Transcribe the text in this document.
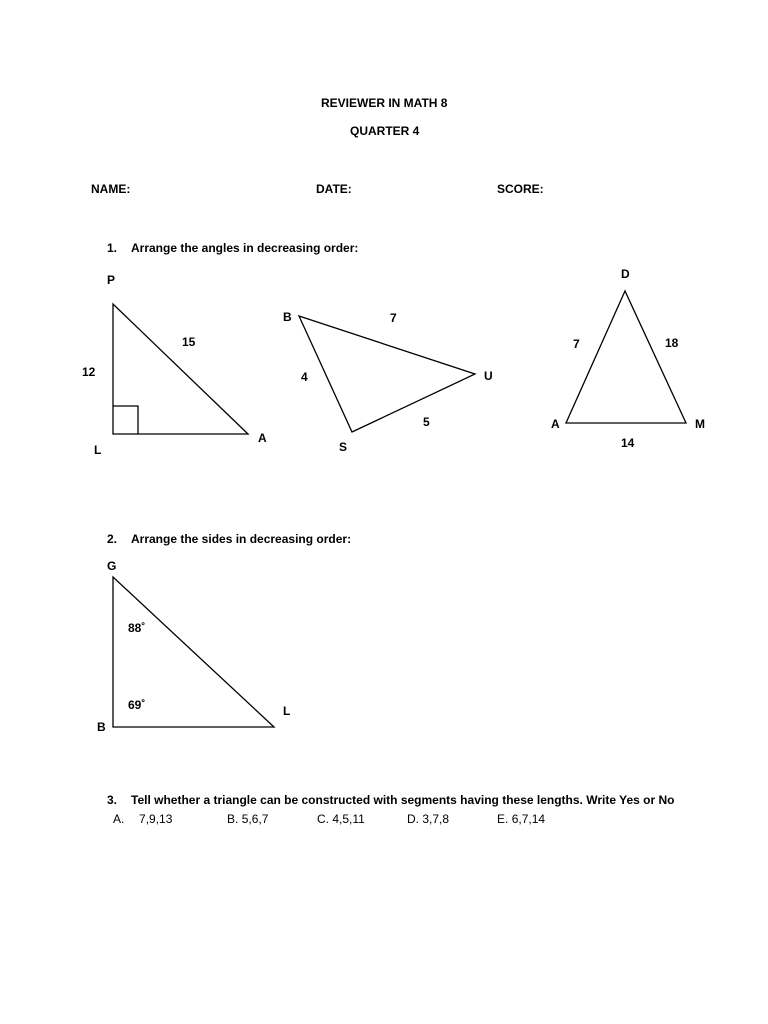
REVIEWER IN MATH 8
QUARTER 4
NAME:	DATE:	SCORE:
1. Arrange the angles in decreasing order:
2. Arrange the sides in decreasing order:
3. Tell whether a triangle can be constructed with segments having these lengths. Write Yes or No
A. 7,9,13	B. 5,6,7	C. 4,5,11	D. 3,7,8	E. 6,7,14
P
L
A
12
15
B
S
U
7
4
5
D
A	M
7	18
14
G
B
L
88˚
69˚
